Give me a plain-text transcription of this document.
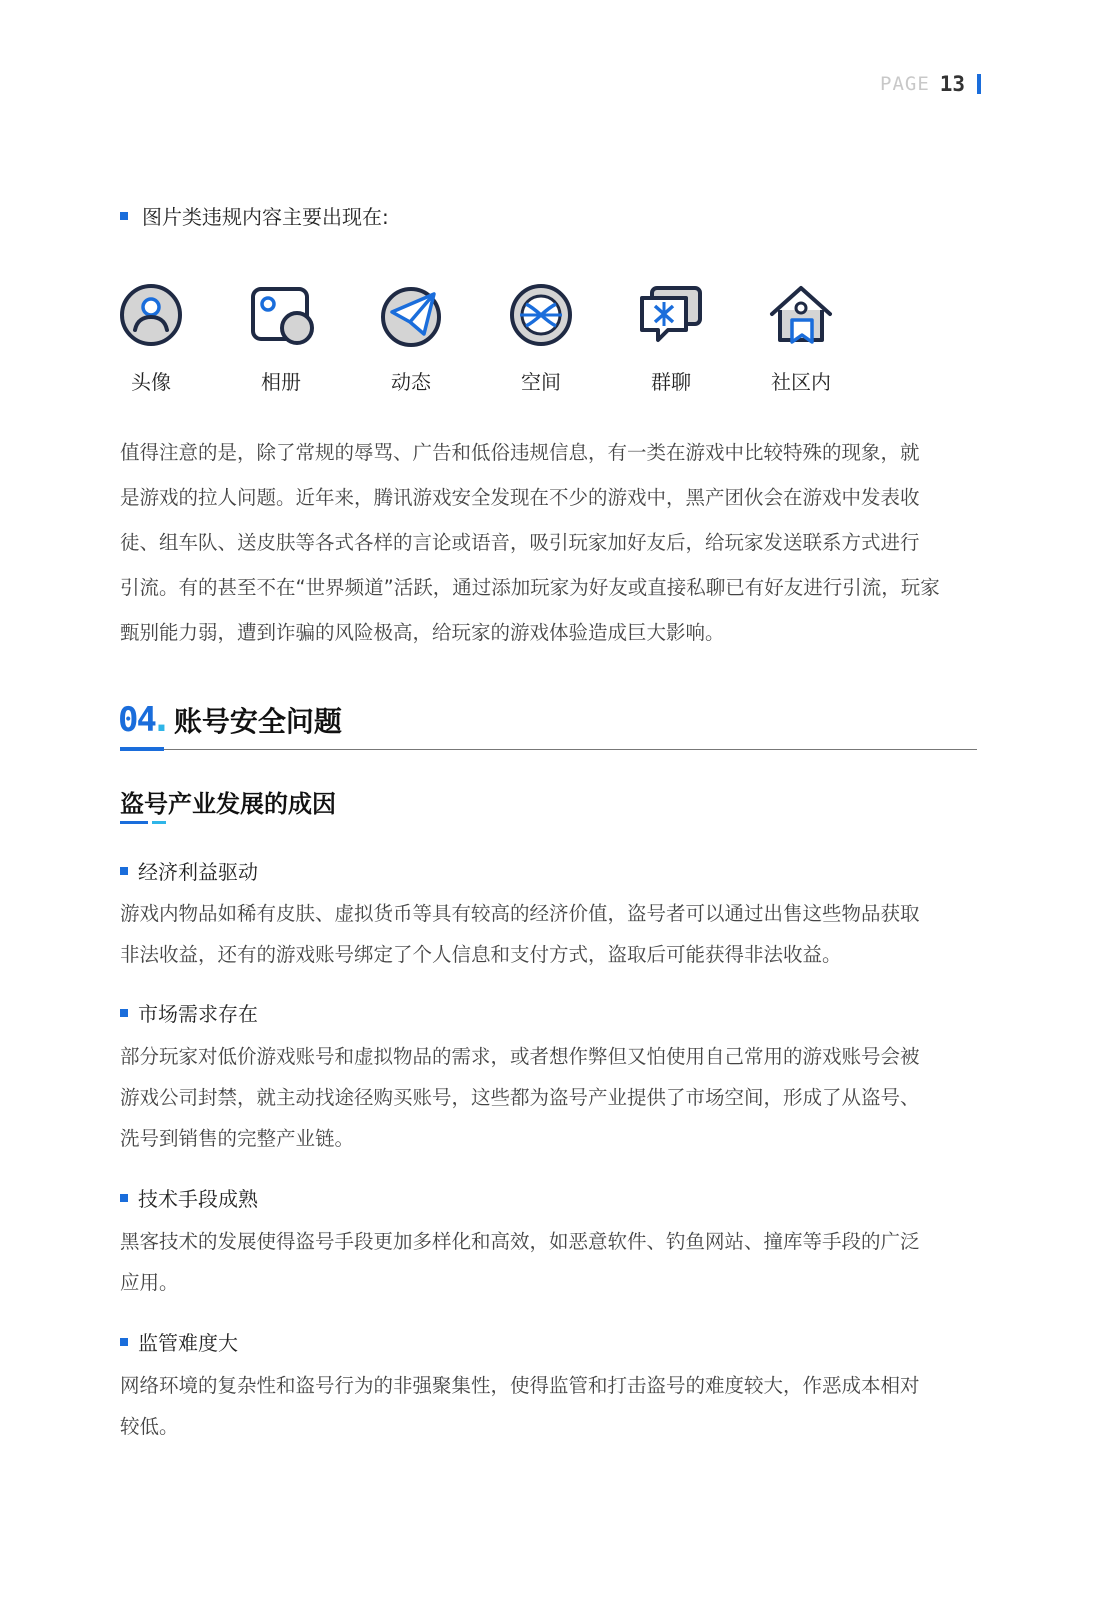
PAGE 13
图片类违规内容主要出现在:
头像	相册	动态	空间	群聊	社区内
值得注意的是，除了常规的辱骂、广告和低俗违规信息，有一类在游戏中比较特殊的现象，就
是游戏的拉人问题。近年来，腾讯游戏安全发现在不少的游戏中，黑产团伙会在游戏中发表收
徒、组车队、送皮肤等各式各样的言论或语音，吸引玩家加好友后，给玩家发送联系方式进行
引流。有的甚至不在“世界频道”活跃，通过添加玩家为好友或直接私聊已有好友进行引流，玩家
甄别能力弱，遭到诈骗的风险极高，给玩家的游戏体验造成巨大影响。
04 . 账号安全问题
盗号产业发展的成因
经济利益驱动
游戏内物品如稀有皮肤、虚拟货币等具有较高的经济价值，盗号者可以通过出售这些物品获取
非法收益，还有的游戏账号绑定了个人信息和支付方式，盗取后可能获得非法收益。
市场需求存在
部分玩家对低价游戏账号和虚拟物品的需求，或者想作弊但又怕使用自己常用的游戏账号会被
游戏公司封禁，就主动找途径购买账号，这些都为盗号产业提供了市场空间，形成了从盗号、
洗号到销售的完整产业链。
技术手段成熟
黑客技术的发展使得盗号手段更加多样化和高效，如恶意软件、钓鱼网站、撞库等手段的广泛
应用。
监管难度大
网络环境的复杂性和盗号行为的非强聚集性，使得监管和打击盗号的难度较大，作恶成本相对
较低。
